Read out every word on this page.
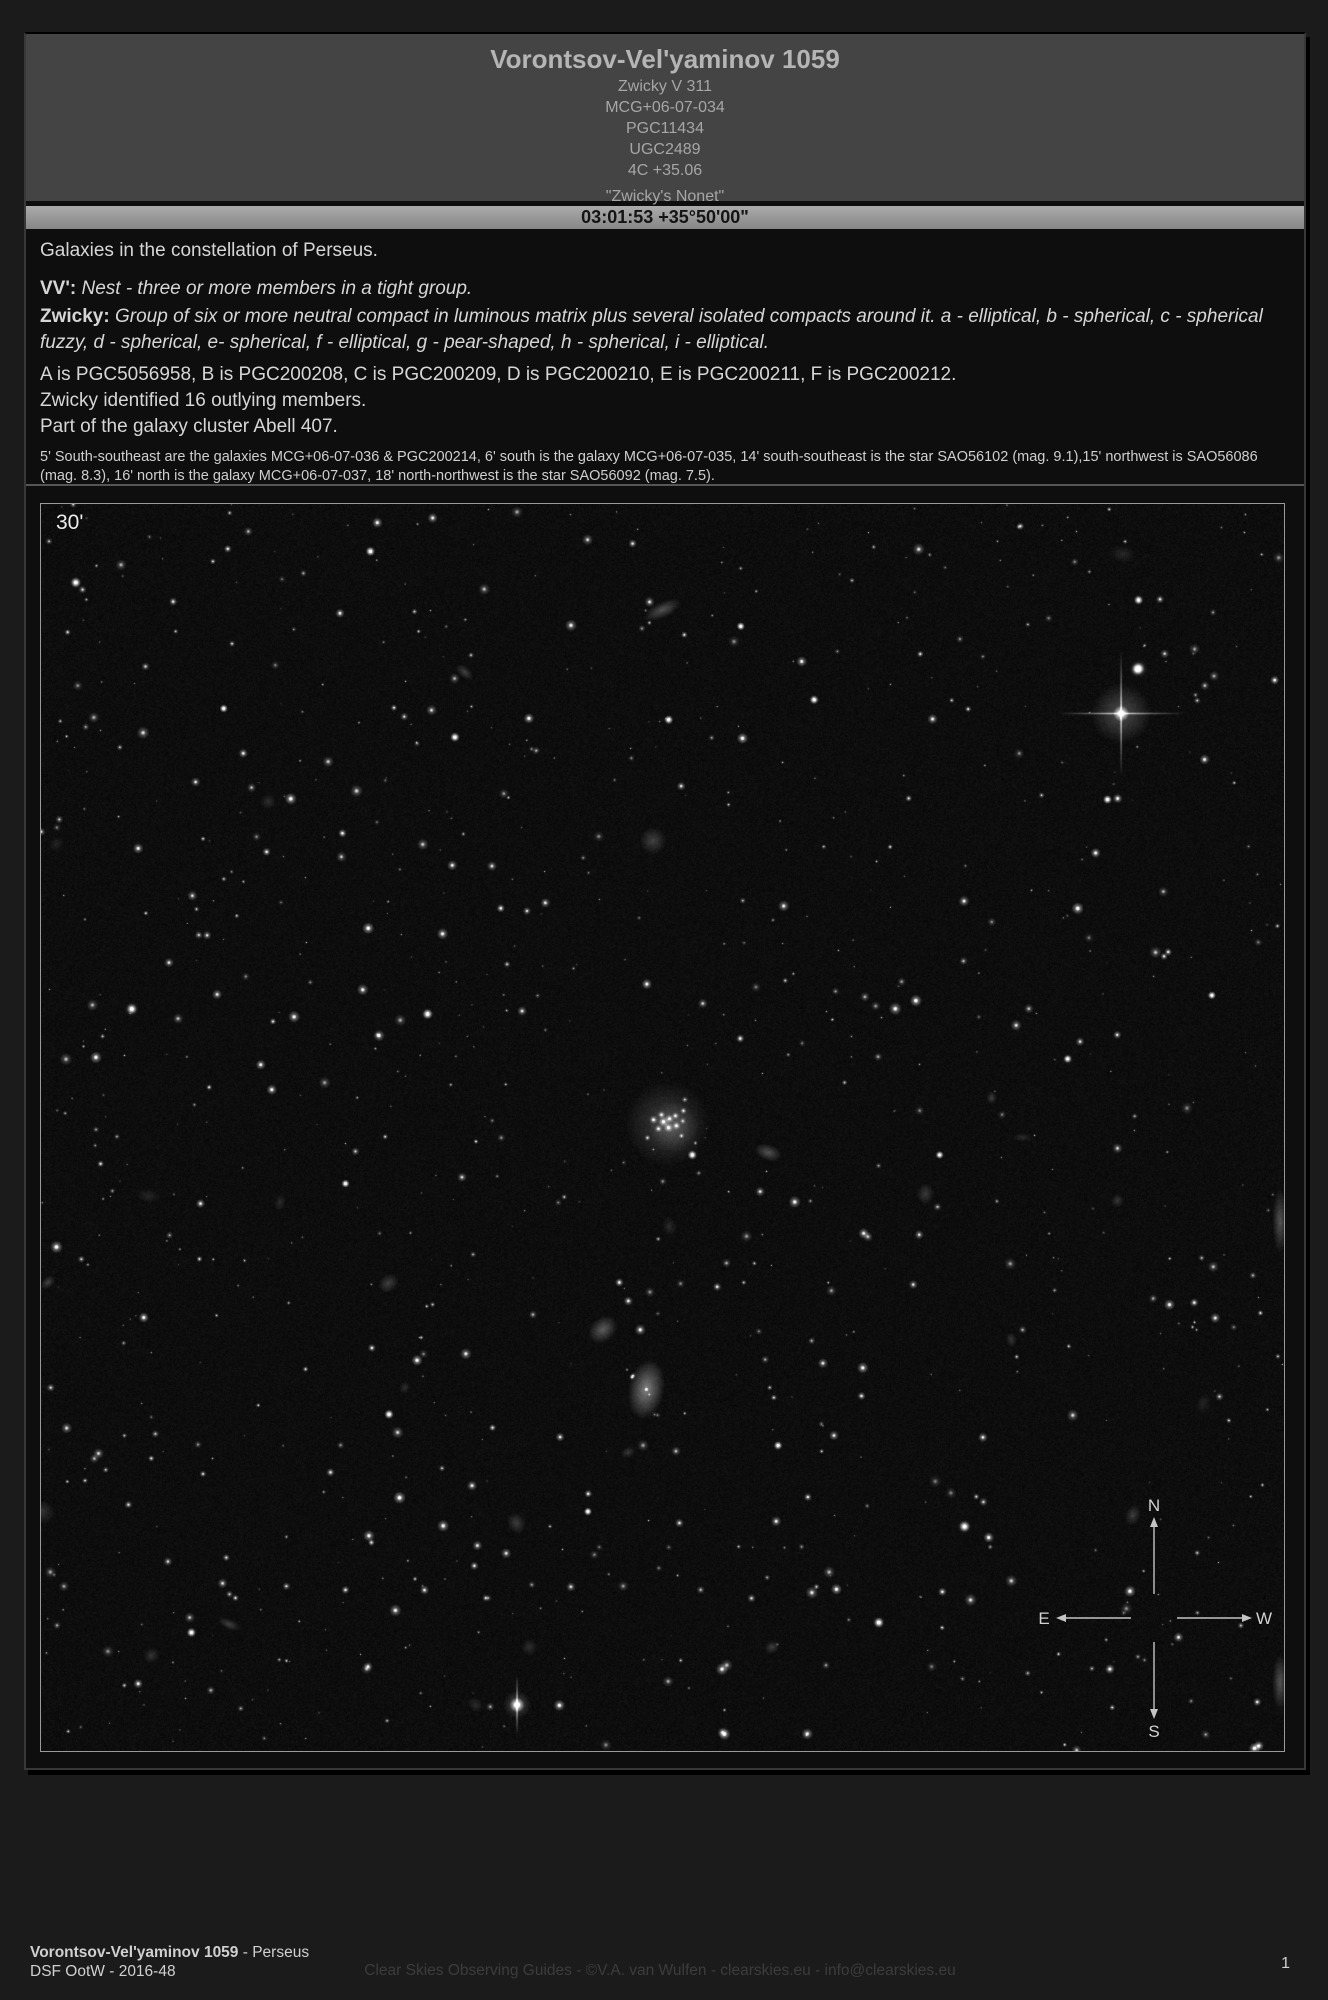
Vorontsov-Vel'yaminov 1059
Zwicky V 311
MCG+06-07-034
PGC11434
UGC2489
4C +35.06
"Zwicky's Nonet"
03:01:53 +35°50'00"

Galaxies in the constellation of Perseus.

VV': Nest - three or more members in a tight group.

Zwicky: Group of six or more neutral compact in luminous matrix plus several isolated compacts around it. a - elliptical, b - spherical, c - spherical fuzzy, d - spherical, e- spherical, f - elliptical, g - pear-shaped, h - spherical, i - elliptical.

A is PGC5056958, B is PGC200208, C is PGC200209, D is PGC200210, E is PGC200211, F is PGC200212.

Zwicky identified 16 outlying members.

Part of the galaxy cluster Abell 407.

5' South-southeast are the galaxies MCG+06-07-036 & PGC200214, 6' south is the galaxy MCG+06-07-035, 14' south-southeast is the star SAO56102 (mag. 9.1),15' northwest is SAO56086 (mag. 8.3), 16' north is the galaxy MCG+06-07-037, 18' north-northwest is the star SAO56092 (mag. 7.5).

30'
N
S
E	W
Vorontsov-Vel'yaminov 1059 - Perseus
DSF OotW - 2016-48	Clear Skies Observing Guides - ©V.A. van Wulfen - clearskies.eu - info@clearskies.eu	1
